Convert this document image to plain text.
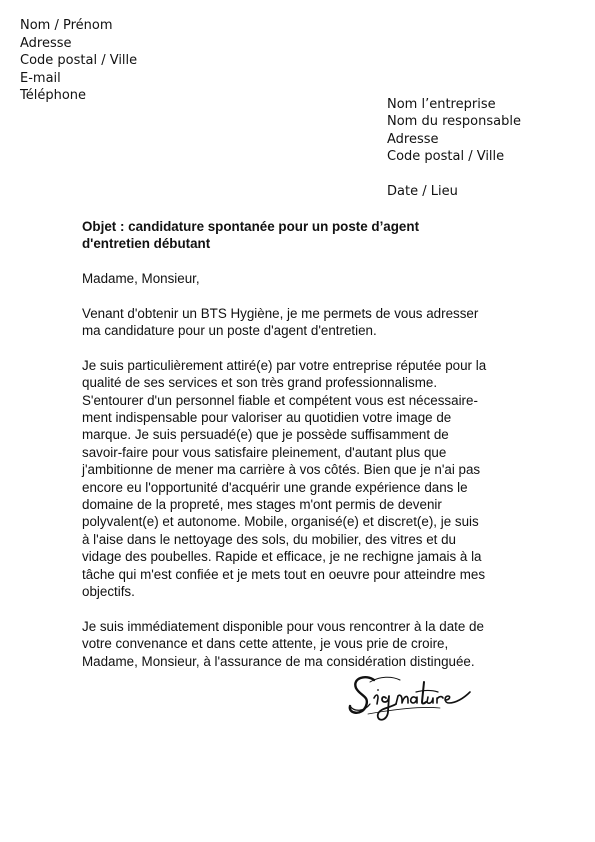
Nom / Prénom
Adresse
Code postal / Ville
E-mail
Téléphone
Nom l’entreprise
Nom du responsable
Adresse
Code postal / Ville
Date / Lieu
Objet : candidature spontanée pour un poste d’agent
d'entretien débutant

Madame, Monsieur,

Venant d'obtenir un BTS Hygiène, je me permets de vous adresser
ma candidature pour un poste d'agent d'entretien.

Je suis particulièrement attiré(e) par votre entreprise réputée pour la
qualité de ses services et son très grand professionnalisme.
S'entourer d'un personnel fiable et compétent vous est nécessaire-
ment indispensable pour valoriser au quotidien votre image de
marque. Je suis persuadé(e) que je possède suffisamment de
savoir-faire pour vous satisfaire pleinement, d'autant plus que
j'ambitionne de mener ma carrière à vos côtés. Bien que je n'ai pas
encore eu l'opportunité d'acquérir une grande expérience dans le
domaine de la propreté, mes stages m'ont permis de devenir
polyvalent(e) et autonome. Mobile, organisé(e) et discret(e), je suis
à l'aise dans le nettoyage des sols, du mobilier, des vitres et du
vidage des poubelles. Rapide et efficace, je ne rechigne jamais à la
tâche qui m'est confiée et je mets tout en oeuvre pour atteindre mes
objectifs.

Je suis immédiatement disponible pour vous rencontrer à la date de
votre convenance et dans cette attente, je vous prie de croire,
Madame, Monsieur, à l'assurance de ma considération distinguée.
